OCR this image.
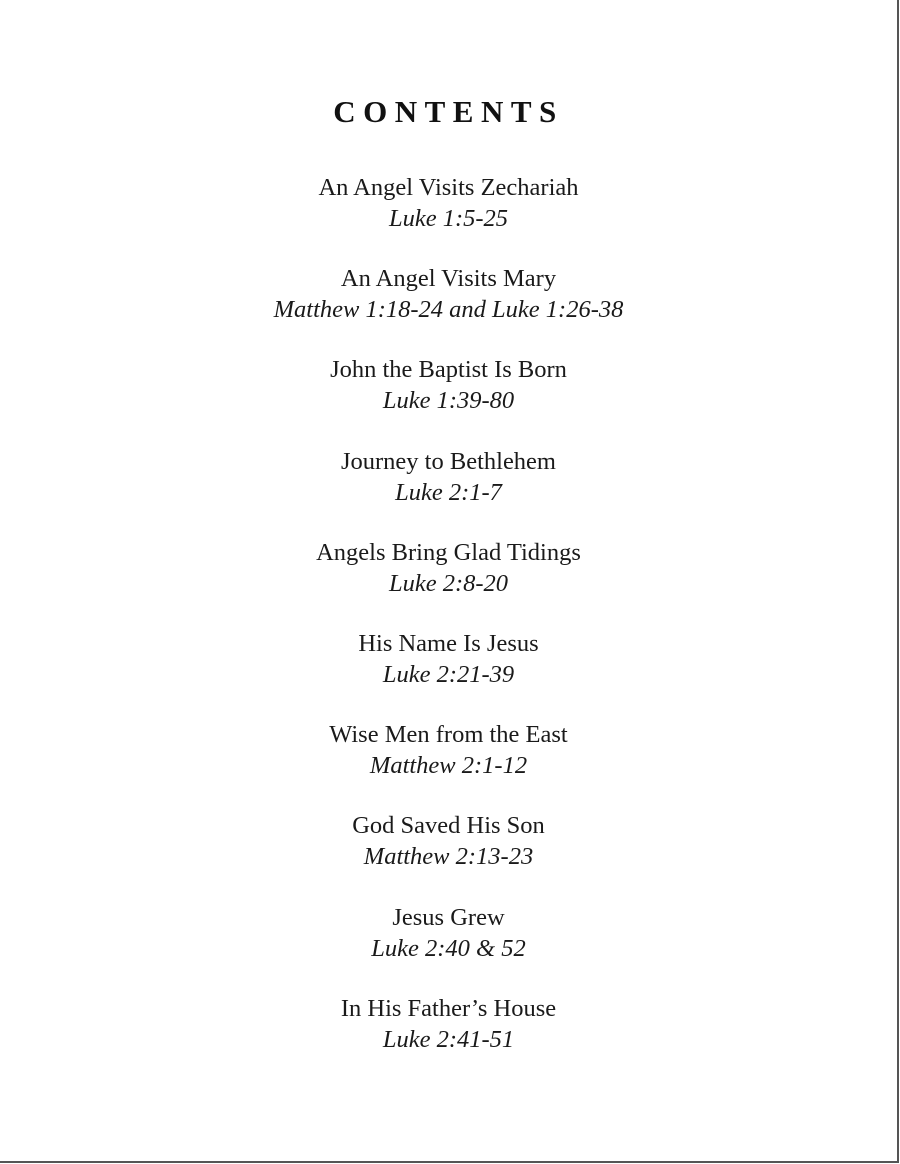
CONTENTS
An Angel Visits Zechariah
Luke 1:5-25
An Angel Visits Mary
Matthew 1:18-24 and Luke 1:26-38
John the Baptist Is Born
Luke 1:39-80
Journey to Bethlehem
Luke 2:1-7
Angels Bring Glad Tidings
Luke 2:8-20
His Name Is Jesus
Luke 2:21-39
Wise Men from the East
Matthew 2:1-12
God Saved His Son
Matthew 2:13-23
Jesus Grew
Luke 2:40 & 52
In His Father’s House
Luke 2:41-51
